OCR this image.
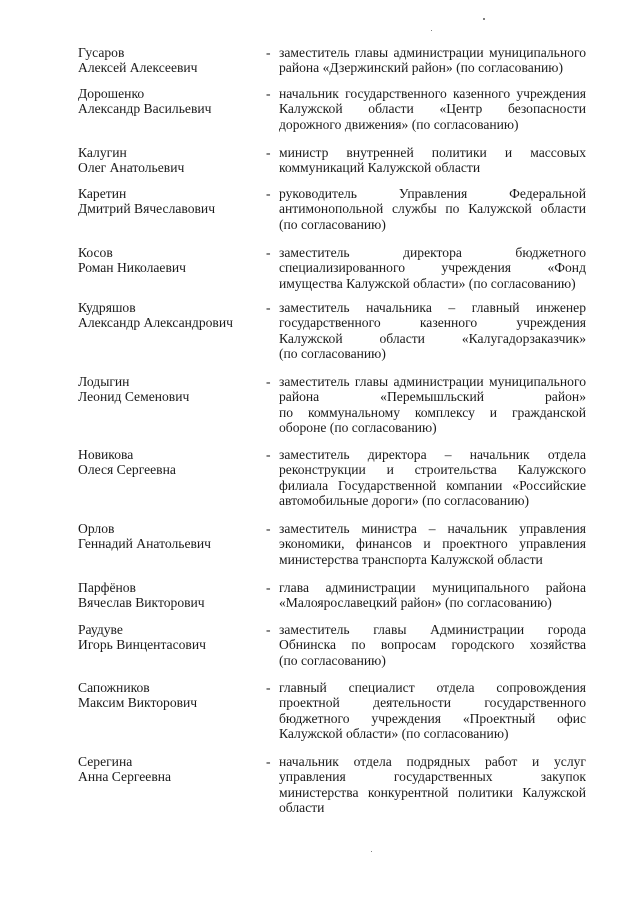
Гусаров
Алексей Алексеевич
- заместитель главы администрации муниципального
района «Дзержинский район» (по согласованию)
Дорошенко
Александр Васильевич
- начальник государственного казенного учреждения
Калужской области «Центр безопасности
дорожного движения» (по согласованию)
Калугин
Олег Анатольевич
- министр внутренней политики и массовых
коммуникаций Калужской области
Каретин
Дмитрий Вячеславович
- руководитель Управления Федеральной
антимонопольной службы по Калужской области
(по согласованию)
Косов
Роман Николаевич
- заместитель директора бюджетного
специализированного учреждения «Фонд
имущества Калужской области» (по согласованию)
Кудряшов
Александр Александрович
- заместитель начальника – главный инженер
государственного казенного учреждения
Калужской области «Калугадорзаказчик»
(по согласованию)
Лодыгин
Леонид Семенович
- заместитель главы администрации муниципального
района «Перемышльский район»
по коммунальному комплексу и гражданской
обороне (по согласованию)
Новикова
Олеся Сергеевна
- заместитель директора – начальник отдела
реконструкции и строительства Калужского
филиала Государственной компании «Российские
автомобильные дороги» (по согласованию)
Орлов
Геннадий Анатольевич
- заместитель министра – начальник управления
экономики, финансов и проектного управления
министерства транспорта Калужской области
Парфёнов
Вячеслав Викторович
- глава администрации муниципального района
«Малоярославецкий район» (по согласованию)
Раудуве
Игорь Винцентасович
- заместитель главы Администрации города
Обнинска по вопросам городского хозяйства
(по согласованию)
Сапожников
Максим Викторович
- главный специалист отдела сопровождения
проектной деятельности государственного
бюджетного учреждения «Проектный офис
Калужской области» (по согласованию)
Серегина
Анна Сергеевна
- начальник отдела подрядных работ и услуг
управления государственных закупок
министерства конкурентной политики Калужской
области
